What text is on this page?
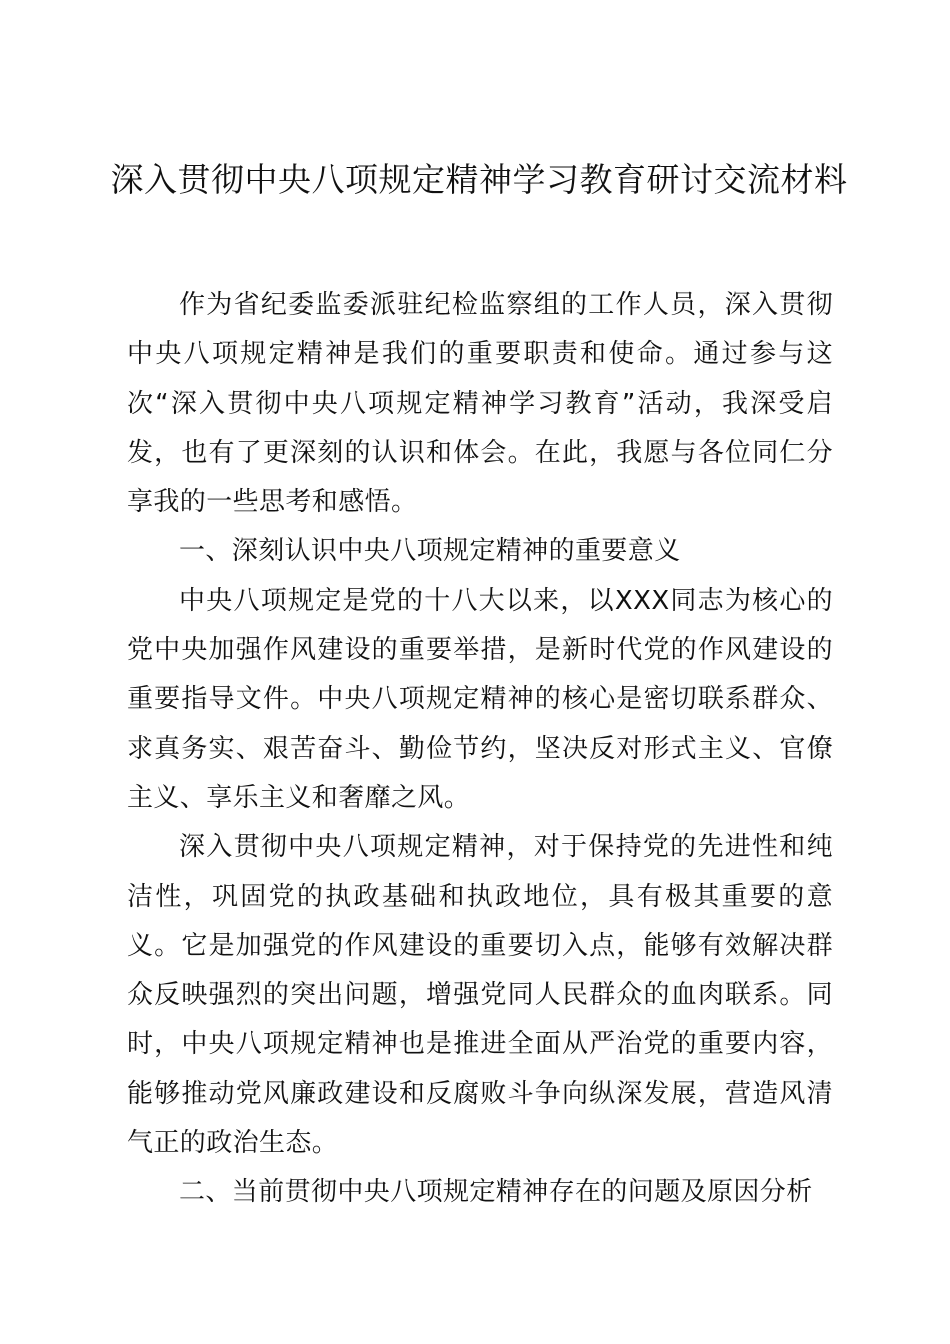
深入贯彻中央八项规定精神学习教育研讨交流材料

作为省纪委监委派驻纪检监察组的工作人员，深入贯彻中央八项规定精神是我们的重要职责和使命。通过参与这次“深入贯彻中央八项规定精神学习教育”活动，我深受启发，也有了更深刻的认识和体会。在此，我愿与各位同仁分享我的一些思考和感悟。

一、深刻认识中央八项规定精神的重要意义

中央八项规定是党的十八大以来，以XXX同志为核心的党中央加强作风建设的重要举措，是新时代党的作风建设的重要指导文件。中央八项规定精神的核心是密切联系群众、求真务实、艰苦奋斗、勤俭节约，坚决反对形式主义、官僚主义、享乐主义和奢靡之风。

深入贯彻中央八项规定精神，对于保持党的先进性和纯洁性，巩固党的执政基础和执政地位，具有极其重要的意义。它是加强党的作风建设的重要切入点，能够有效解决群众反映强烈的突出问题，增强党同人民群众的血肉联系。同时，中央八项规定精神也是推进全面从严治党的重要内容，能够推动党风廉政建设和反腐败斗争向纵深发展，营造风清气正的政治生态。

二、当前贯彻中央八项规定精神存在的问题及原因分析
